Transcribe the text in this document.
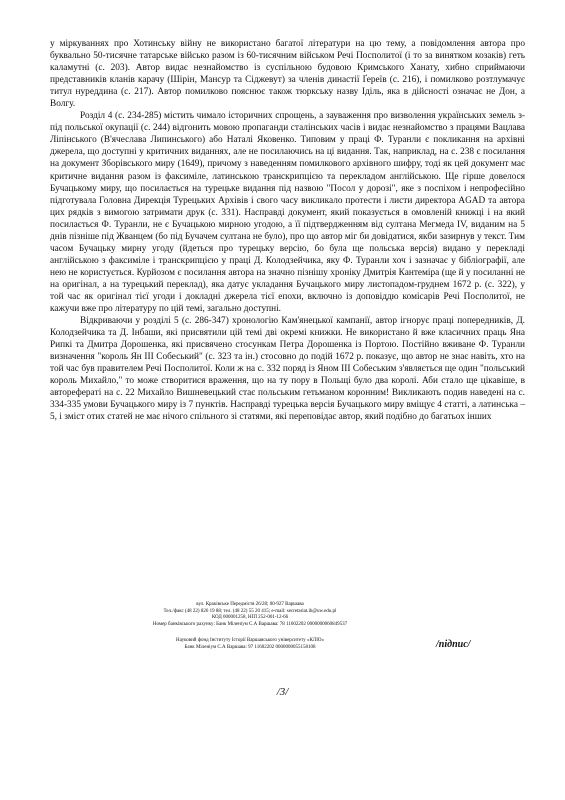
у міркуваннях про Хотинську війну не використано багатої літератури на цю тему, а повідомлення автора про буквально 50-тисячне татарське військо разом із 60-тисячним військом Речі Посполитої (і то за винятком козаків) геть каламутні (с. 203). Автор видає незнайомство із суспільною будовою Кримського Ханату, хибно сприймаючи представників кланів карачу (Шірін, Мансур та Сіджевут) за членів династії Ґереїв (с. 216), і помилково розтлумачує титул нуреддина (с. 217). Автор помилково пояснює також тюркську назву Іділь, яка в дійсності означає не Дон, а Волгу.

Розділ 4 (с. 234-285) містить чимало історичних спрощень, а зауваження про визволення українських земель з-під польської окупації (с. 244) відгонить мовою пропаганди сталінських часів і видає незнайомство з працями Вацлава Ліпінського (В'ячеслава Липинського) або Наталі Яковенко. Типовим у праці Ф. Турaнли є покликання на архівні джерела, що доступні у критичних виданнях, але не посилаючись на ці видання. Так, наприклад, на с. 238 є посилання на документ Зборівського миру (1649), причому з наведенням помилкового архівного шифру, тоді як цей документ має критичне видання разом із факсиміле, латинською транскрипцією та перекладом англійською. Ще гірше довелося Бучацькому миру, що посилається на турецьке видання під назвою "Посол у дорозі", яке з поспіхом і непрофесійно підготувала Головна Дирекція Турецьких Архівів і свого часу викликало протести і листи директора AGAD та автора цих рядків з вимогою затримати друк (с. 331). Насправді документ, який показується в омовленій книжці і на який посилається Ф. Турaнли, не є Бучацькою мирною угодою, а її підтвердженням від султана Мегмеда IV, виданим на 5 днів пізніше під Жванцем (бо під Бучачем султана не було), про що автор міг би довідатися, якби зазирнув у текст. Тим часом Бучацьку мирну угоду (йдеться про турецьку версію, бо була ще польська версія) видано у перекладі англійською з факсиміле і транскрипцією у праці Д. Колодзейчика, яку Ф. Турaнли хоч і зазначає у бібліографії, але нею не користується. Курйозом є посилання автора на значно пізнішу хроніку Дмитрія Кантеміра (ще й у посиланні не на оригінал, а на турецький переклад), яка датує укладання Бучацького миру листопадом-груднем 1672 р. (с. 322), у той час як оригінал тієї угоди і докладні джерела тієї епохи, включно із доповіддю комісарів Речі Посполитої, не кажучи вже про літературу по цій темі, загально доступні.

Відкриваючи у розділі 5 (с. 286-347) хронологію Кам'янецької кампанії, автор ігнорує праці попередників, Д. Колодзейчика та Д. Інбаши, які присвятили цій темі дві окремі книжки. Не використано й вже класичних праць Яна Рипкі та Дмитра Дорошенка, які присвячено стосункам Петра Дорошенка із Портою. Постійно вживане Ф. Турaнли визначення "король Ян III Собеський" (с. 323 та ін.) стосовно до подій 1672 р. показує, що автор не знає навіть, хто на той час був правителем Речі Посполитої. Коли ж на с. 332 поряд із Яном III Собеським з'являється ще один "польський король Михайло," то може створитися враження, що на ту пору в Польщі було два королі. Аби стало ще цікавіше, в автореферaті на с. 22 Михайло Вишневецький стає польським гетьманом коронним! Викликають подив наведені на с. 334-335 умови Бучацького миру із 7 пунктів. Насправді турецька версія Бучацького миру вміщує 4 статті, а латинська – 5, і зміст отих статей не має нічого спільного зі статями, які переповідає автор, який подібно до багатьох інших

вул. Краківське Передмістя 26/28; 00-927 Варшава
Тел./факс (48 22) 826 19 88; тел. (48 22) 55 20 415; e-mail: secretariat.ih@uw.edu.pl
КОД 000001258, НІП 252-001-12-66
Номер банківського рахунку: Банк Міленіум С.А Варшава: 78 11602202 0000000060849537
Науковий фонд Інституту Історії Варшавського університету «КЛІО»
Банк Міленіум С.А Варшава: 97 11602202 0000000055158108	/підпис/
/3/
